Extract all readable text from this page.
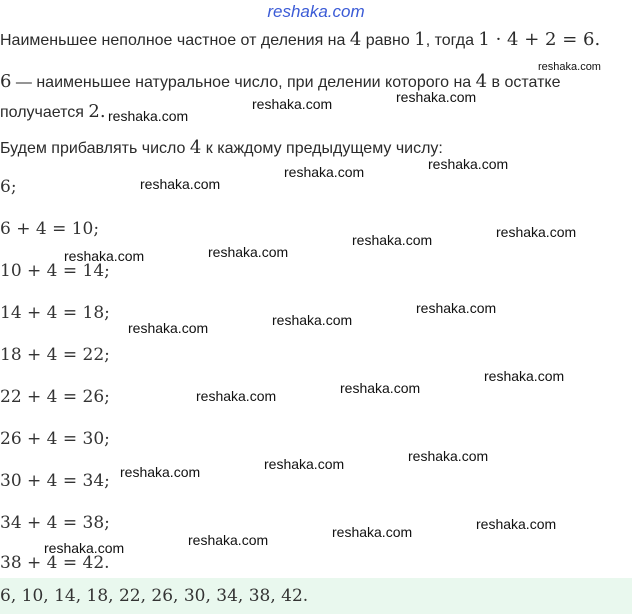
reshaka.com
Наименьшее неполное частное от деления на 4 равно 1, тогда 1 · 4 + 2 = 6.
6 — наименьшее натуральное число, при делении которого на 4 в остатке
получается 2.
Будем прибавлять число 4 к каждому предыдущему числу:
6;
6 + 4 = 10;
10 + 4 = 14;
14 + 4 = 18;
18 + 4 = 22;
22 + 4 = 26;
26 + 4 = 30;
30 + 4 = 34;
34 + 4 = 38;
38 + 4 = 42.
6, 10, 14, 18, 22, 26, 30, 34, 38, 42.
reshaka.com
reshaka.com
reshaka.com	reshaka.com
reshaka.com
reshaka.com	reshaka.com
reshaka.com	reshaka.com
reshaka.com	reshaka.com
reshaka.com	reshaka.com
reshaka.com
reshaka.com	reshaka.com
reshaka.com
reshaka.com	reshaka.com	reshaka.com
reshaka.com	reshaka.com	reshaka.com	reshaka.com
